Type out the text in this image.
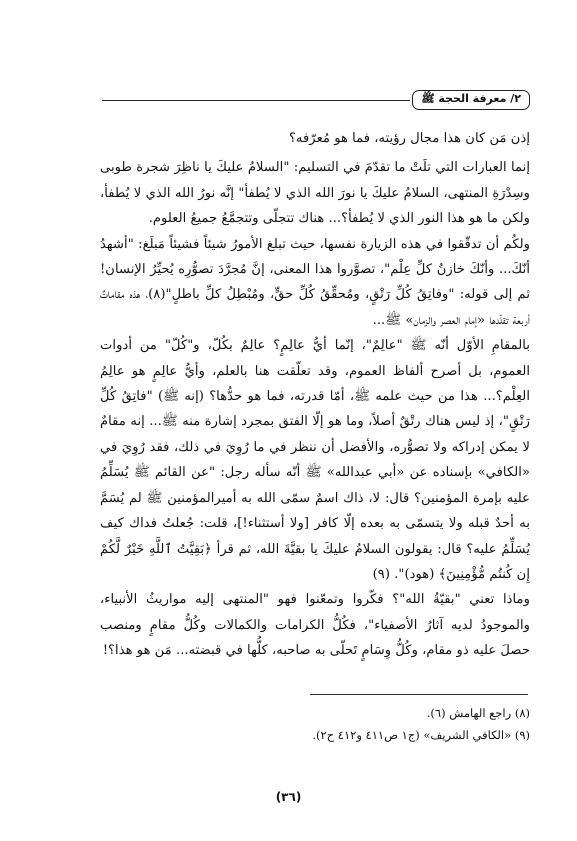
٢/ معرفة الحجة ﷺ

إذن مَن كان هذا مجال رؤيته، فما هو مُعرّفه؟

إنما العبارات التي تلَتْ ما تقدّمَ في التسليم: "السلامُ عليكَ يا ناظِرَ شجرة طوبى وسِدْرَةِ المنتهى، السلامُ عليكَ يا نورَ الله الذي لا يُطفأ" إنَّه نورُ الله الذي لا يُطفأ، ولكن ما هو هذا النور الذي لا يُطفأ؟... هناك تتجلّى وتتجمَّعُ جميعُ العلوم.

ولكُم أن تدقّقوا في هذه الزيارة نفسها، حيث تبلغ الأمورُ شيئاً فشيئاً مَبلَغ: "أشهدُ أنّكَ... وأنّكَ خازنُ كلِّ عِلْم"، تصوَّروا هذا المعنى، إنَّ مُجرَّدَ تصوُّرِه يُحيِّرُ الإنسان! ثم إلى قوله: "وفاتِقُ كُلِّ رَتْقٍ، ومُحقِّقُ كُلِّ حقٍّ، ومُبْطِلُ كلِّ باطلٍ"(٨)، هذه مقاماتٌ أربعة تقلّدها «إمام العصر والزمان» ﷺ...

بالمقامِ الأوّل أنّه ﷺ "عالِمٌ"، إنّما أيُّ عالِمٍ؟ عالِمٌ بكُلّ، و"كُلّ" من أدوات العموم، بل أصرح ألفاظ العموم، وقد تعلّقت هنا بالعلم، وأيُّ عالِمٍ هو عالِمُ العِلْم؟... هذا من حيث علمه ﷺ، أمّا قدرته، فما هو حدُّها؟ (إنه ﷺ) "فاتِقُ كُلِّ رَتْقٍ"، إذ ليس هناك رتْقٌ أصلاً، وما هو إلّا الفتق بمجرد إشارة منه ﷺ... إنه مقامٌ لا يمكن إدراكه ولا تصوُّره، والأفضل أن ننظر في ما رُوِيَ في ذلك، فقد رُوِيَ في «الكافي» بإسناده عن «أبي عبدالله» ﷺ أنّه سأله رجل: "عن القائم ﷺ يُسَلِّمُ عليه بإمرة المؤمنين؟ قال: لا، ذاك اسمٌ سمّى الله به أميرالمؤمنين ﷺ لم يُسَمَّ به أحدٌ قبله ولا يتسمّى به بعده إلّا كافر [ولا أستثناء!]، قلت: جُعلتُ فداك كيف يُسَلِّمُ عليه؟ قال: يقولون السلامُ عليكَ يا بقيَّةَ الله، ثم قرأ ﴿بَقِيَّتُ ٱللَّهِ خَيْرٌ لَّكُمْ إِن كُنتُم مُّؤْمِنِينَ﴾ (هود)". (٩)

وماذا تعني "بقيّةُ الله"؟ فكّروا وتمعّنوا فهو "المنتهى إليه مواريثُ الأنبياء، والموجودُ لديه آثارُ الأصفياء"، فكُلُّ الكرامات والكمالات وكُلُّ مقامٍ ومنصب حصلَ عليه ذو مقام، وكُلُّ وِسَامٍ تَحلّى به صاحبه، كلُّها في قبضته... مَن هو هذا؟!

(٨) راجع الهامش (٦).

(٩) «الكافي الشريف» (ج١ ص٤١١ و٤١٢ ح٢).

(٣٦)
